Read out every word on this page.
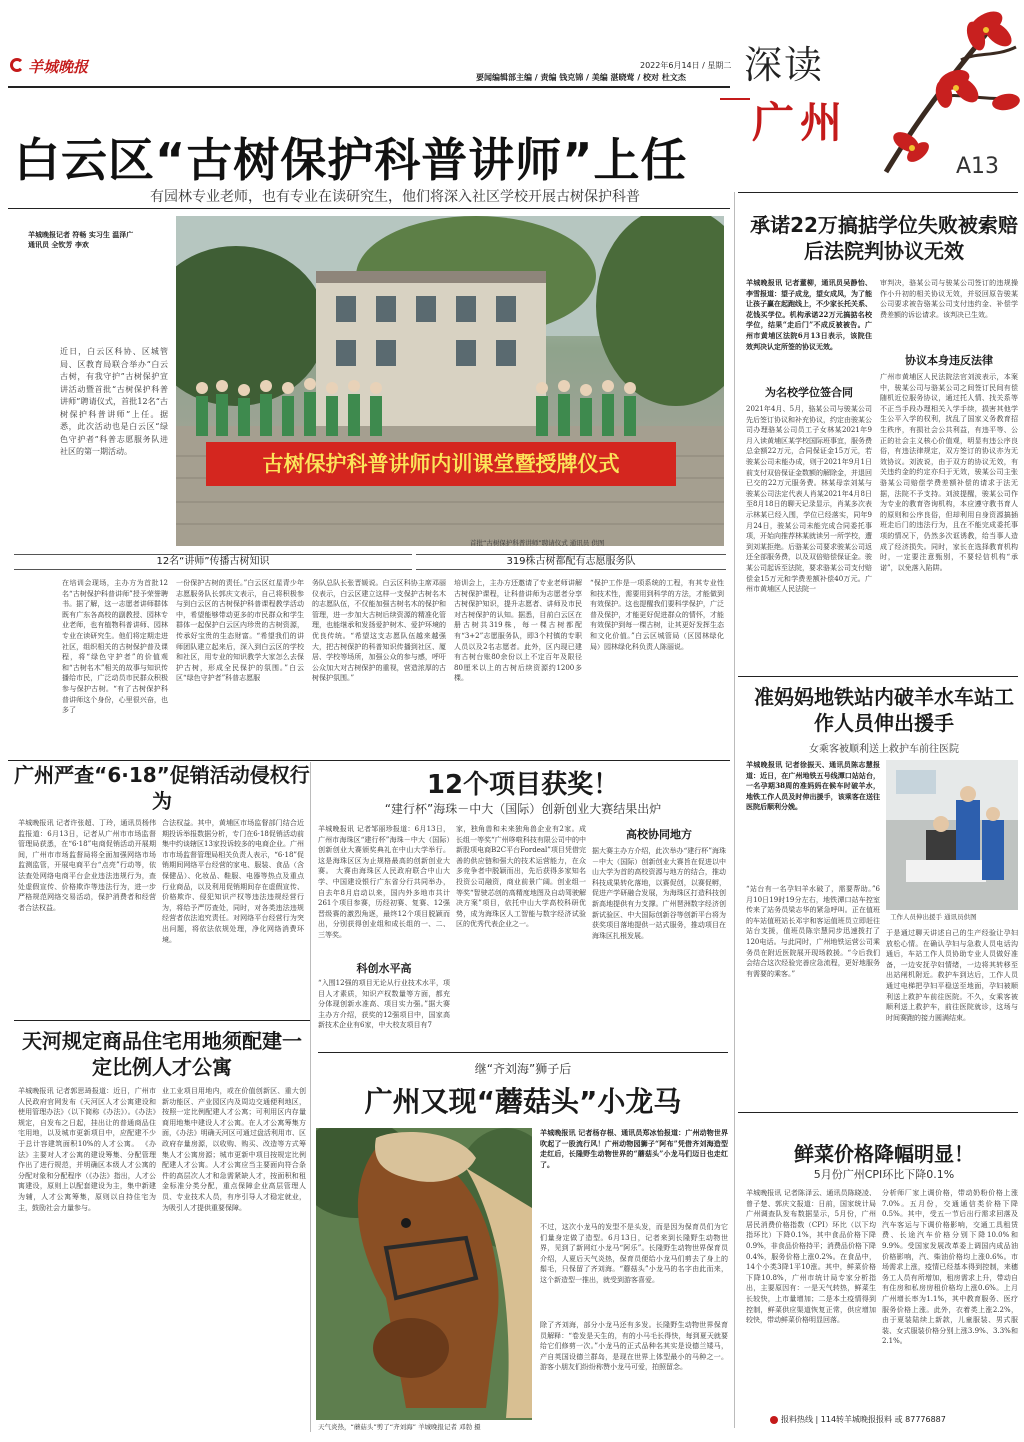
羊城晚报	2022年6月14日 / 星期二
要闻编辑部主编 / 责编 钱克锦 / 美编 湛晓莺 / 校对 杜文杰 深读
广州
A13
白云区“古树保护科普讲师”上任
有园林专业老师，也有专业在读研究生，他们将深入社区学校开展古树保护科普
羊城晚报记者 符畅 实习生 温泽广
通讯员 全钦芳 李欢
近日，白云区科协、区城管局、区教育局联合举办“白云古树，有我守护”古树保护宣讲活动暨首批“古树保护科普讲师”聘请仪式，首批12名“古树保护科普讲师”上任。据悉，此次活动也是白云区“绿色守护者”科普志愿服务队进社区的第一期活动。
古树保护科普讲师内训课堂暨授牌仪式
首批“古树保护科普讲师”聘请仪式 通讯员 供图
12名“讲师”传播古树知识	319株古树都配有志愿服务队
在培训会现场，主办方为首批12名“古树保护科普讲师”授予荣誉聘书。据了解，这一志愿者讲师群体既有广东各高校的副教授、园林专业老师，也有植物科普讲师、园林专业在读研究生。他们将定期走进社区，组织相关的古树保护普及课程，将“绿色守护者”的价值观和“古树名木”相关的故事与知识传播给市民，广泛动员市民群众积极参与保护古树。“有了古树保护科普讲师这个身份，心里很兴奋，也多了
一份保护古树的责任。”白云区红星青少年志愿服务队长郭庆文表示，自己将积极参与到白云区的古树保护科普课程教学活动中，希望能够带动更多的市民群众和学生群体一起保护白云区内珍贵的古树资源，传承好宝贵的生态财富。“希望我们的讲师团队建立起来后，深入到白云区的学校和社区，用专业的知识教学大家怎么去保护古树，形成全民保护的氛围。”白云区“绿色守护者”科普志愿服
务队总队长张晋媛说。白云区科协主席邓丽仪表示，白云区建立这样一支保护古树名木的志愿队伍，不仅能加强古树名木的保护和管理，进一步加大古树后续资源的精准化管理，也能继承和发扬爱护树木、爱护环境的优良传统。“希望这支志愿队伍越来越强大，把古树保护的科普知识传播到社区、厦居、学校等场所，加强公众的参与感，呼吁公众加大对古树保护的重视，营造浓厚的古树保护氛围。”
培训会上，主办方还邀请了专业老师讲解古树保护课程，让科普讲师为志愿者分享古树保护知识，提升志愿者、讲师及市民对古树保护的认知。据悉，目前白云区在册古树共319株，每一棵古树都配有“3+2”志愿服务队，即3个村镇的专职人员以及2名志愿者。此外，区内现已建有古树台账80余份以上不定百年及限径80厘米以上的古树后续资源约1200多棵。
“保护工作是一项系统的工程，有其专业性和技术性，需要用到科学的方法，才能做到有效保护。这也提醒我们要科学保护，广泛普及保护，才能更好促进群众的情怀，才能有效保护到每一棵古树，让其更好发挥生态和文化价值。”白云区城管局（区园林绿化局）园林绿化科负责人陈丽说。
承诺22万搞掂学位失败被索赔后法院判协议无效
羊城晚报讯 记者董柳，通讯员吴静怡、李雪报道：望子成龙，望女成凤，为了能让孩子赢在起跑线上，不少家长托关系、花钱买学位。机构承诺22万元搞掂名校学位，结果“走后门”不成反被被告。广州市黄埔区法院6月13日表示，该院住效判决认定所签的协议无效。
为名校学位签合同
2021年4月、5月，骆某公司与骏某公司先后签订协议和补充协议，约定由骏某公司办理骆某公司员工子女林某2021年9月入读黄埔区某学校国际班事宜，服务费总金额22万元，合同保证金15万元，若骏某公司未能办成，则于2021年9月1日前支付双倍保证金数额的解除金，并退回已交的22万元服务费。林某母亲刘某与骏某公司法定代表人肖某2021年4月8日至8月18日的聊天记录显示，肖某多次表示林某已经入围，学位已经落实，同年9月24日，骏某公司未能完成合同委托事项，开始向推荐林某就读另一所学校，遭到刘某拒绝。后骆某公司要求骏某公司返还全部服务费，以及双倍赔偿保证金。骏某公司起诉至法院，要求骆某公司支付赔偿金15万元和学费差额补偿40万元。广州市黄埔区人民法院一
审判决，骆某公司与骏某公司签订的违规操作小升初的相关协议无效，并驳回原告骏某公司要求被告骆某公司支付违约金、补偿学费差额的诉讼请求。该判决已生效。
协议本身违反法律
广州市黄埔区人民法院法官刘波表示，本案中，骏某公司与骆某公司之间签订民间有偿随机近位服务协议，通过托人情、找关系等不正当手段办理相关入学手续，损害其他学生公平入学的权利，扰乱了国家义务教育招生秩序，有损社会公共利益，有违平等、公正的社会主义核心价值观，明显有违公序良俗，有违法律规定，双方签订的协议亦为无效协议。刘波说，由于双方的协议无效，有关违约金的约定亦归于无效，骏某公司主张骆某公司赔偿学费差额补偿的请求于法无据，法院不予支持。刘波提醒，骏某公司作为专业的教育咨询机构，本应遵守教书育人的原则和公序良俗，但却利用自身资源搞插班走后门的违法行为，且在不能完成委托事项的情况下，仍然多次诓诱教，给当事人造成了经济损失。同时，家长在选择教育机构时，一定要注意甄别，不要轻信机构“承诺”，以免落入陷阱。
准妈妈地铁站内破羊水车站工作人员伸出援手
女乘客被顺利送上救护车前往医院
羊城晚报讯 记者徐振天、通讯员陈志慧报道：近日，在广州地铁五号线潭口站站台，一名孕期38周的准妈妈在候车时破羊水，地铁工作人员及时伸出援手，该乘客在送往医院后顺利分娩。
工作人员伸出援手 通讯员供图
“站台有一名孕妇羊水破了，需要帮助。”6月10日19时19分左右，地铁潭口站车控室传来了站务员梁志华的紧急呼叫。正在值班的车站值班站长邓宇和客运值班员立即赶往站台支援，值班员陈宗慧同步迅速拨打了120电话。与此同时，广州地铁运营公司乘务员在附近医院展开现场救援。“今后我们会结合这次经验完善应急流程，更好地服务有需要的乘客。”
于是通过聊天讲述自己的生产经验让孕妇放松心情。在确认孕妇与急救人员电话沟通后，车站工作人员协助专业人员做好准备，一边安抚孕妇情绪，一边将其转移至出站闸机附近。救护车到达后，工作人员通过电梯把孕妇平稳送至地面，孕妇被顺利送上救护车前往医院。不久，女乘客被顺利送上救护车，前往医院就诊，这场与时间赛跑的接力圆满结束。
鲜菜价格降幅明显！
5月份广州CPI环比下降0.1%
羊城晚报讯 记者陈泽云、通讯员陈晓凌、曾子楚、郭庆文报道：日前，国家统计局广州调查队发布数据显示，5月份，广州居民消费价格指数（CPI）环比（以下均指环比）下降0.1%，其中食品价格下降0.9%，非食品价格持平；消费品价格下降0.4%，服务价格上涨0.2%。在食品中，14个小类3降1平10涨。其中，鲜菜价格下降10.8%，广州市统计局专家分析指出，主要原因有：一是天气转热，鲜菜生长较快，上市量增加；二是本土疫情得到控制，鲜菜供应渠道恢复正常，供应增加较快，带动鲜菜价格明显回落。
分析师厂家上调价格，带动奶粉价格上涨7.0%。五月份，交通通信类价格下降0.5%。其中，受五一节后出行需求回落及汽车客运与下调价格影响，交通工具租赁费、长途汽车价格分别下降10.0%和9.9%。受国家发展改革委上调国内成品油价格影响，汽、柴油价格均上涨0.6%。市场需求上涨，疫情已经基本得到控制，来穗务工人员有所增加，租房需求上升，带动自有住房和私房房租价格均上涨0.6%。上月广州增长率为1.1%，其中教育服务、医疗服务价格上涨。此外，衣着类上涨2.2%，由于夏装陆续上新款，儿童服装、男式服装、女式服装价格分别上涨3.9%、3.3%和2.1%。
报料热线 | 114转羊城晚报报料 或 87776887
广州严查“6·18”促销活动侵权行为
羊城晚报讯 记者许张超、丁玲，通讯员杨伟监报道：6月13日，记者从广州市市场监督管理局获悉，在“6·18”电商促销活动开展期间，广州市市场监督局将全面加强网络市场监测监管，开展电商平台“点亮”行动等，依法查处网络电商平台企业违法违规行为，查处虚假宣传、价格欺诈等违法行为，进一步严格规范网络交易活动，保护消费者和经营者合法权益。
合法权益。其中，黄埔区市场监督部门结合近期投诉举报数据分析，专门在6·18促销活动前集中约谈辖区13家投诉较多的电商企业。广州市市场监督管理局相关负责人表示，“6·18”促销期间网络平台经营的家电、服装、食品（含保健品）、化妆品、鞋服、电器等热点及重点行业商品，以及利用促销期间存在虚假宣传、价格欺诈、侵犯知识产权等违法违规经营行为，将给予严厉查处，同时，对各类违法违规经营者依法追究责任。对网络平台经营行为突出问题，将依法依规处理，净化网络消费环境。
天河规定商品住宅用地须配建一定比例人才公寓
羊城晚报讯 记者郭思琦报道：近日，广州市人民政府官网发布《天河区人才公寓建设和使用管理办法》（以下简称《办法》）。《办法》规定，自发布之日起，挂出让的普通商品住宅用地，以及城市更新项目中，应配建不少于总计容建筑面积10%的人才公寓。 《办法》主要对人才公寓的建设筹集、分配管理作出了进行规范，并明确区本级人才公寓的分配对象和分配程序（《办法》指出，人才公寓建设，原则上以配套建设为主，集中新建为辅，人才公寓筹集，原则以自持住宅为主，鼓励社会力量参与。
业工业项目用地内，或在价值创新区、重大创新功能区、产业园区内及周边交通便利地区，按照一定比例配建人才公寓；可利用区内存量商用地集中建设人才公寓。在人才公寓筹集方面，《办法》明确天河区可通过盘活利用市、区政府存量房源，以收购、购买、改造等方式筹集人才公寓房源；城市更新中项目按规定比例配建人才公寓。人才公寓应当主要面向符合条件的高层次人才和急需紧缺人才，按面积和租金标准分类分配，重点保障企业高层管理人员、专业技术人员，有序引导人才稳定就业，为吸引人才提供重要保障。
12个项目获奖！
“建行杯”海珠－中大（国际）创新创业大赛结果出炉
羊城晚报讯 记者邹丽珍报道：6月13日，广州市海珠区“建行杯”海珠－中大（国际）创新创业大赛颁奖典礼在中山大学举行。这是海珠区区为止规格最高的创新创业大赛。 大赛由海珠区人民政府联合中山大学、中国建设银行广东省分行共同举办，自去年8月启动以来，国内外多地市共计261个项目参赛，历经初赛、复赛、12强晋级赛的激烈角逐，最终12个项目脱颖而出，分别获得创业组和成长组的一、二、三等奖。
科创水平高
“入围12强的项目无论从行业技术水平，项目人才素质，知识产权数量等方面，都充分体现创新水准高、项目实力强。”据大赛主办方介绍，获奖的12强项目中，国家高新技术企业有6家，中大校友项目有7
家，独角兽和未来独角兽企业有2家。成长组一等奖“广州哆啦科技有限公司中的中新股项电商B2C平台Fordeal”项目凭借完善的供应链和强大的技术运营能力，在众多竞争者中脱颖而出，先后获得多家知名投资公司融资，商业前景广阔。创业组一等奖“智驶芯创的高精度地图及自动驾驶解决方案”项目，依托中山大学高校科研优势，成为海珠区人工智能与数字经济试验区的优秀代表企业之一。
高校协同地方
据大赛主办方介绍，此次举办“建行杯”海珠－中大（国际）创新创业大赛旨在促进以中山大学为首的高校资源与地方的结合，推动科技成果转化落地，以赛促创，以赛促孵，促进产学研融合发展，为海珠区打造科技创新高地提供有力支撑。广州琶洲数字经济创新试验区、中大国际创新谷等创新平台将为获奖项目落地提供一站式服务，推动项目在海珠区扎根发展。
继“齐刘海”狮子后
广州又现“蘑菇头”小龙马
天气炎热，“蘑菇头”剪了“齐刘海” 羊城晚报记者 邓勃 摄
羊城晚报讯 记者杨存根、通讯员郑冰怡报道：广州动物世界吹起了一股流行风！广州动物园狮子“阿布”凭借齐刘海造型走红后，长隆野生动物世界的“蘑菇头”小龙马们迈日也走红了。
不过，这次小龙马的发型不是头发，而是因为保育员们为它们量身定做了造型。6月13日，记者来到长隆野生动物世界，见到了新网红小龙马“阿乐”。长隆野生动物世界保育员介绍，人夏后天气炎热，保育员便给小龙马们剪去了身上的鬃毛，只保留了齐刘海。“蘑菇头”小龙马的名字由此而来，这个新造型一推出，就受到游客喜爱。
除了齐刘海，部分小龙马还有多发。长隆野生动物世界保育员解释：“卷发是天生的，有的小马毛长得快，每到夏天就要给它们修剪一次。”小龙马的正式品种名其实是设德兰矮马，产自英国设德兰群岛，是现在世界上体型最小的马种之一。游客小朋友们纷纷称赞小龙马可爱，拍照留念。
